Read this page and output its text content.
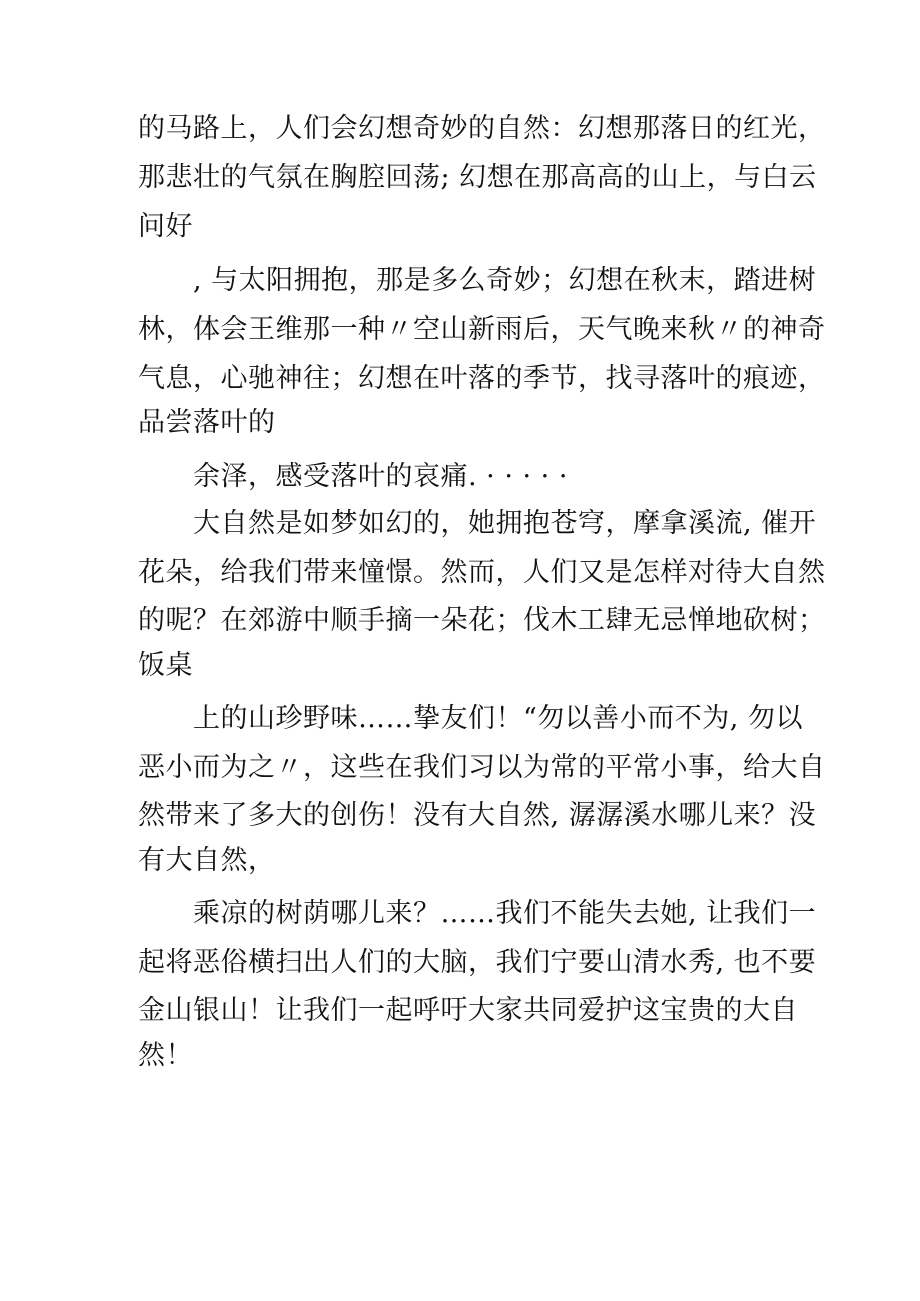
的马路上，人们会幻想奇妙的自然：幻想那落日的红光，
那悲壮的气氛在胸腔回荡; 幻想在那高高的山上，与白云
问好
, 与太阳拥抱，那是多么奇妙；幻想在秋末，踏进树
林，体会王维那一种〃空山新雨后，天气晚来秋〃的神奇
气息，心驰神往；幻想在叶落的季节，找寻落叶的痕迹，
品尝落叶的
余泽，感受落叶的哀痛. · · · · ·
大自然是如梦如幻的，她拥抱苍穹，摩拿溪流, 催开
花朵，给我们带来憧憬。然而，人们又是怎样对待大自然
的呢？在郊游中顺手摘一朵花；伐木工肆无忌惮地砍树；
饭桌
上的山珍野味……挚友们！“勿以善小而不为, 勿以
恶小而为之〃，这些在我们习以为常的平常小事，给大自
然带来了多大的创伤！没有大自然, 潺潺溪水哪儿来？没
有大自然，
乘凉的树荫哪儿来？……我们不能失去她, 让我们一
起将恶俗横扫出人们的大脑，我们宁要山清水秀, 也不要
金山银山！让我们一起呼吁大家共同爱护这宝贵的大自
然！
